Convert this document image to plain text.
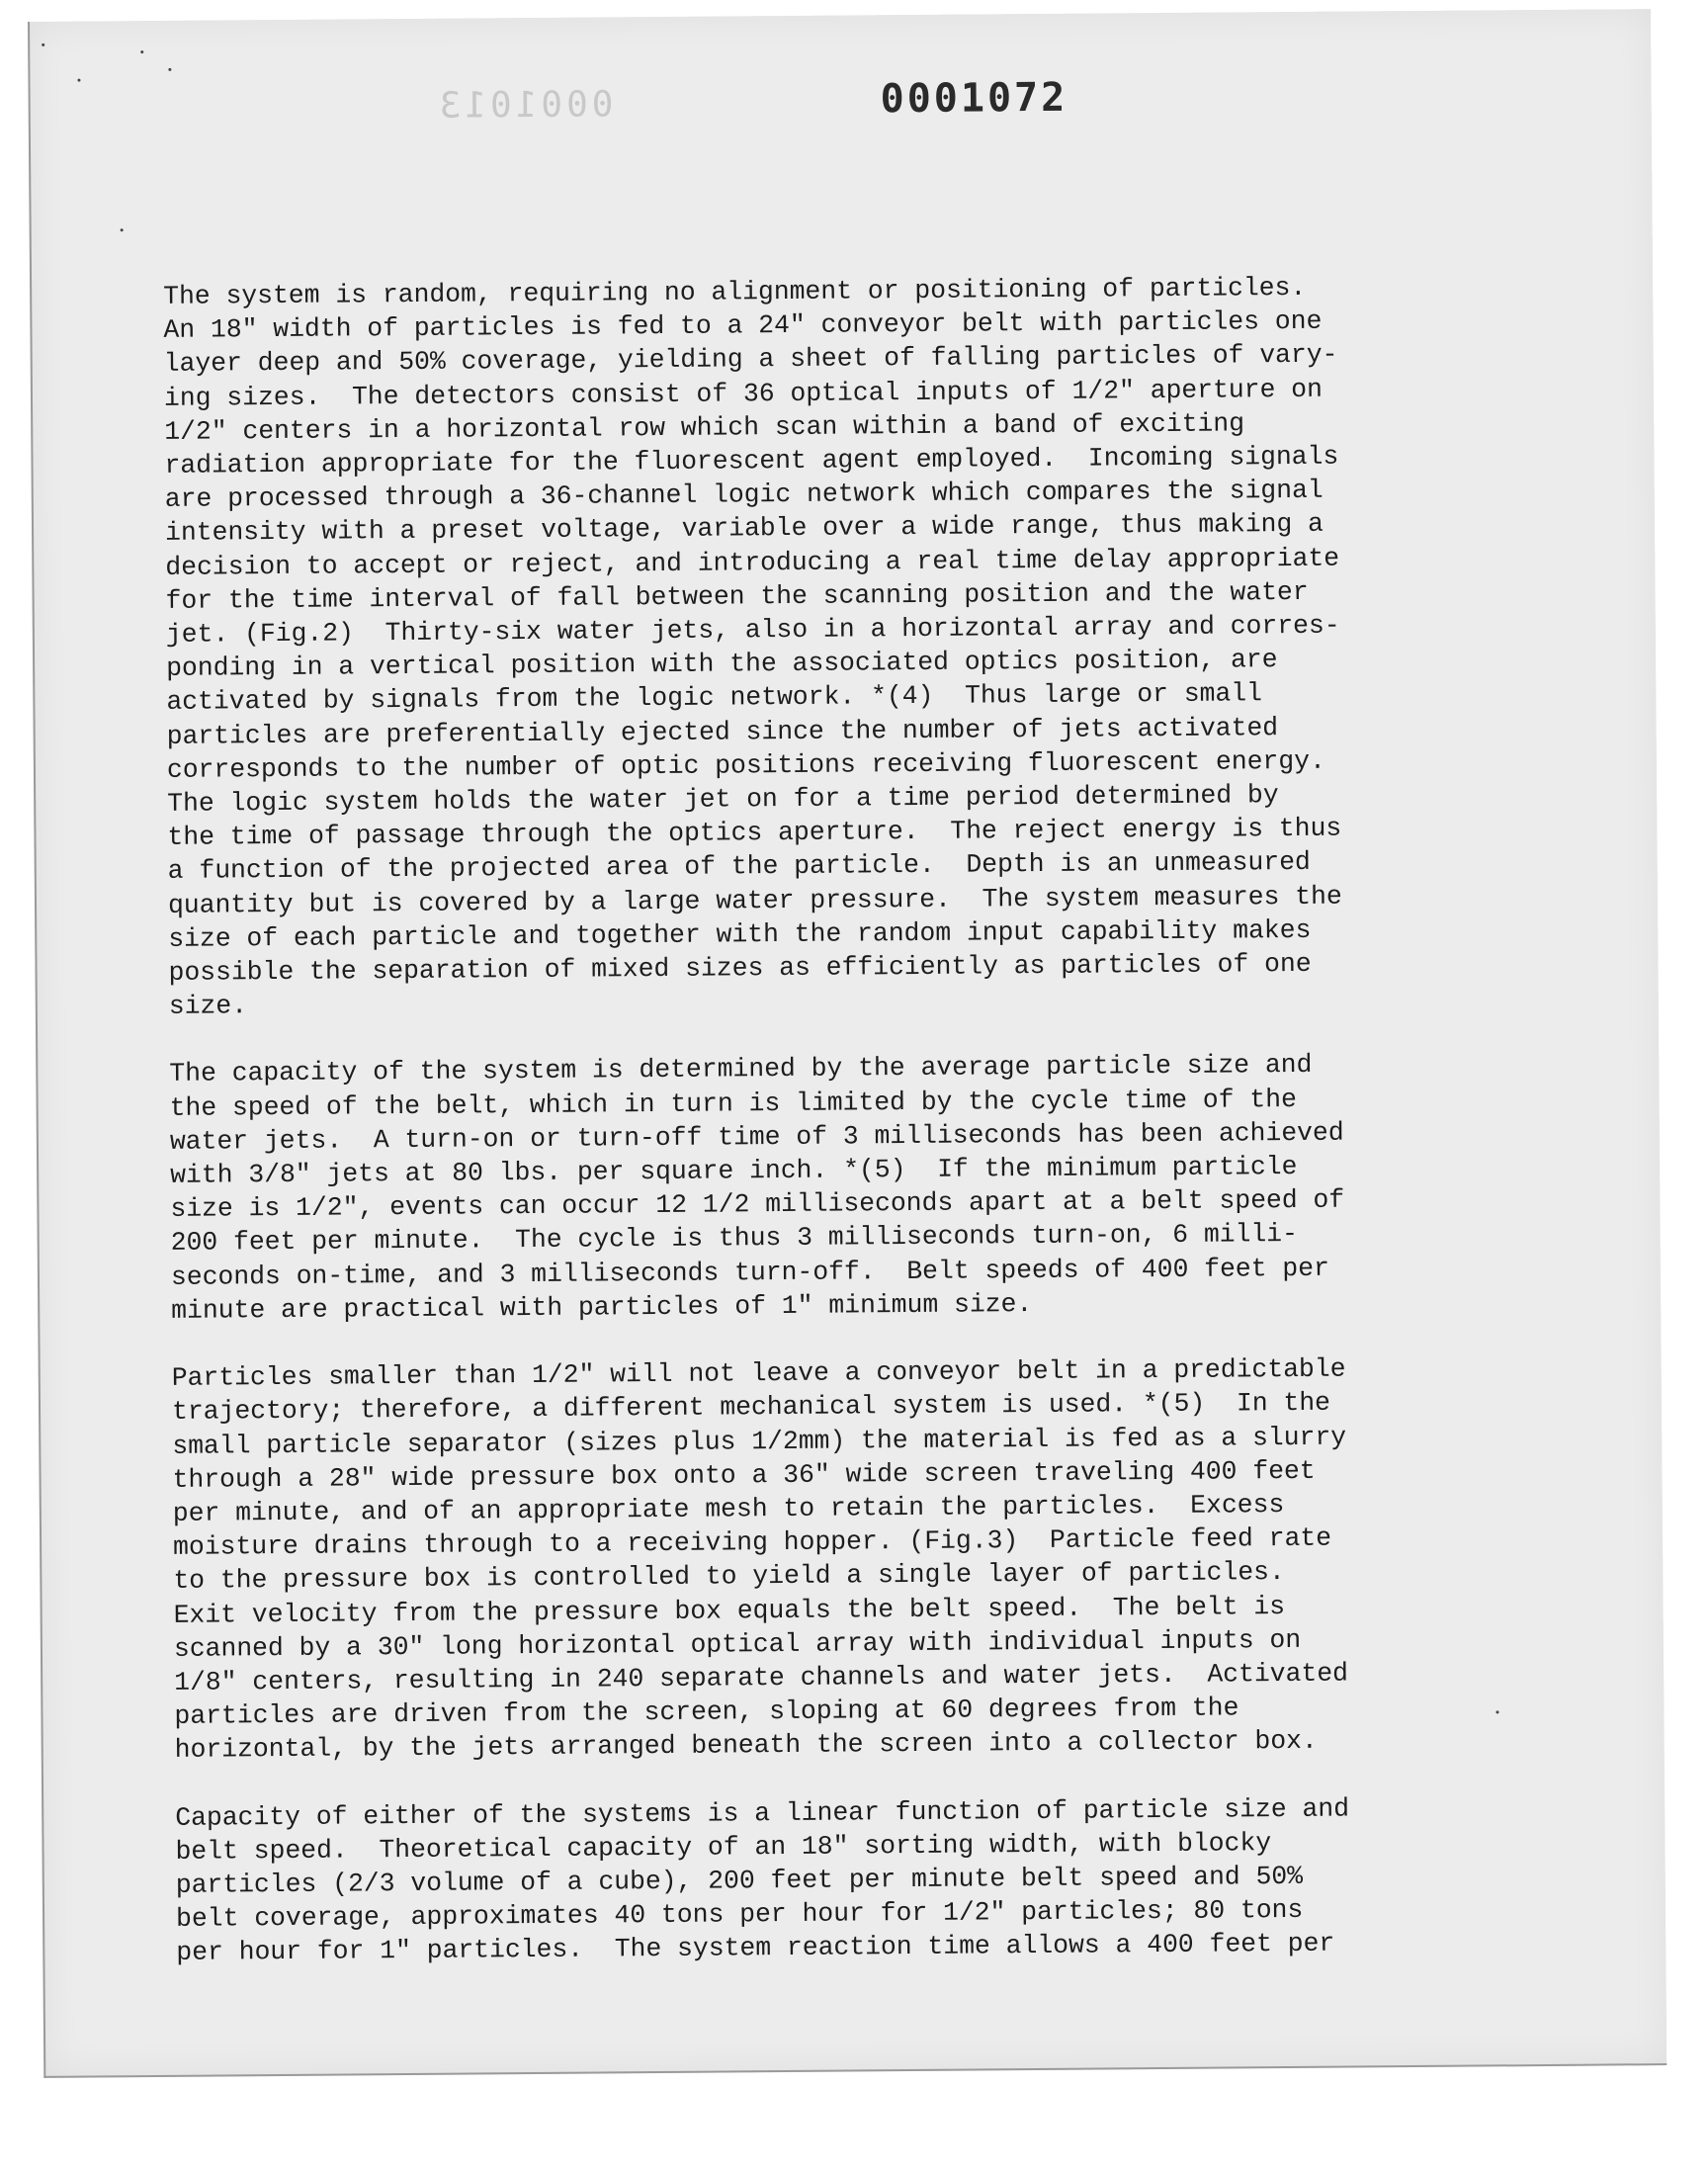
0001013	0001072
The system is random, requiring no alignment or positioning of particles.
An 18" width of particles is fed to a 24" conveyor belt with particles one
layer deep and 50% coverage, yielding a sheet of falling particles of vary-
ing sizes.  The detectors consist of 36 optical inputs of 1/2" aperture on
1/2" centers in a horizontal row which scan within a band of exciting
radiation appropriate for the fluorescent agent employed.  Incoming signals
are processed through a 36-channel logic network which compares the signal
intensity with a preset voltage, variable over a wide range, thus making a
decision to accept or reject, and introducing a real time delay appropriate
for the time interval of fall between the scanning position and the water
jet. (Fig.2)  Thirty-six water jets, also in a horizontal array and corres-
ponding in a vertical position with the associated optics position, are
activated by signals from the logic network. *(4)  Thus large or small
particles are preferentially ejected since the number of jets activated
corresponds to the number of optic positions receiving fluorescent energy.
The logic system holds the water jet on for a time period determined by
the time of passage through the optics aperture.  The reject energy is thus
a function of the projected area of the particle.  Depth is an unmeasured
quantity but is covered by a large water pressure.  The system measures the
size of each particle and together with the random input capability makes
possible the separation of mixed sizes as efficiently as particles of one
size.
The capacity of the system is determined by the average particle size and
the speed of the belt, which in turn is limited by the cycle time of the
water jets.  A turn-on or turn-off time of 3 milliseconds has been achieved
with 3/8" jets at 80 lbs. per square inch. *(5)  If the minimum particle
size is 1/2", events can occur 12 1/2 milliseconds apart at a belt speed of
200 feet per minute.  The cycle is thus 3 milliseconds turn-on, 6 milli-
seconds on-time, and 3 milliseconds turn-off.  Belt speeds of 400 feet per
minute are practical with particles of 1" minimum size.
Particles smaller than 1/2" will not leave a conveyor belt in a predictable
trajectory; therefore, a different mechanical system is used. *(5)  In the
small particle separator (sizes plus 1/2mm) the material is fed as a slurry
through a 28" wide pressure box onto a 36" wide screen traveling 400 feet
per minute, and of an appropriate mesh to retain the particles.  Excess
moisture drains through to a receiving hopper. (Fig.3)  Particle feed rate
to the pressure box is controlled to yield a single layer of particles.
Exit velocity from the pressure box equals the belt speed.  The belt is
scanned by a 30" long horizontal optical array with individual inputs on
1/8" centers, resulting in 240 separate channels and water jets.  Activated
particles are driven from the screen, sloping at 60 degrees from the
horizontal, by the jets arranged beneath the screen into a collector box.
Capacity of either of the systems is a linear function of particle size and
belt speed.  Theoretical capacity of an 18" sorting width, with blocky
particles (2/3 volume of a cube), 200 feet per minute belt speed and 50%
belt coverage, approximates 40 tons per hour for 1/2" particles; 80 tons
per hour for 1" particles.  The system reaction time allows a 400 feet per
